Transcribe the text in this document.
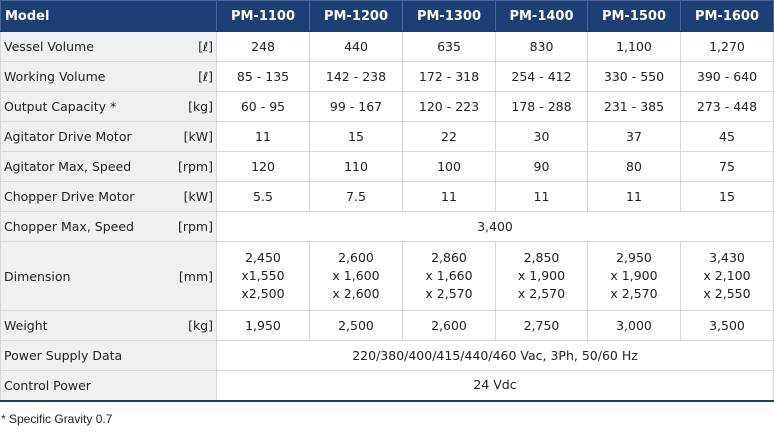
Model	PM-1100	PM-1200	PM-1300	PM-1400	PM-1500	PM-1600

Vessel Volume [ℓ]	248	440	635	830	1,100	1,270

Working Volume [ℓ]	85 - 135	142 - 238	172 - 318	254 - 412	330 - 550	390 - 640

Output Capacity * [kg]	60 - 95	99 - 167	120 - 223	178 - 288	231 - 385	273 - 448

Agitator Drive Motor [kW]	11	15	22	30	37	45

Agitator Max, Speed [rpm]	120	110	100	90	80	75

Chopper Drive Motor [kW]	5.5	7.5	11	11	11	15

Chopper Max, Speed [rpm]	3,400					

Dimension [mm]	2,450
x1,550
x2,500	2,600
x 1,600
x 2,600	2,860
x 1,660
x 2,570	2,850
x 1,900
x 2,570	2,950
x 1,900
x 2,570	3,430
x 2,100
x 2,550

Weight [kg]	1,950	2,500	2,600	2,750	3,000	3,500

Power Supply Data	220/380/400/415/440/460 Vac, 3Ph, 50/60 Hz					

Control Power	24 Vdc					

* Specific Gravity 0.7
